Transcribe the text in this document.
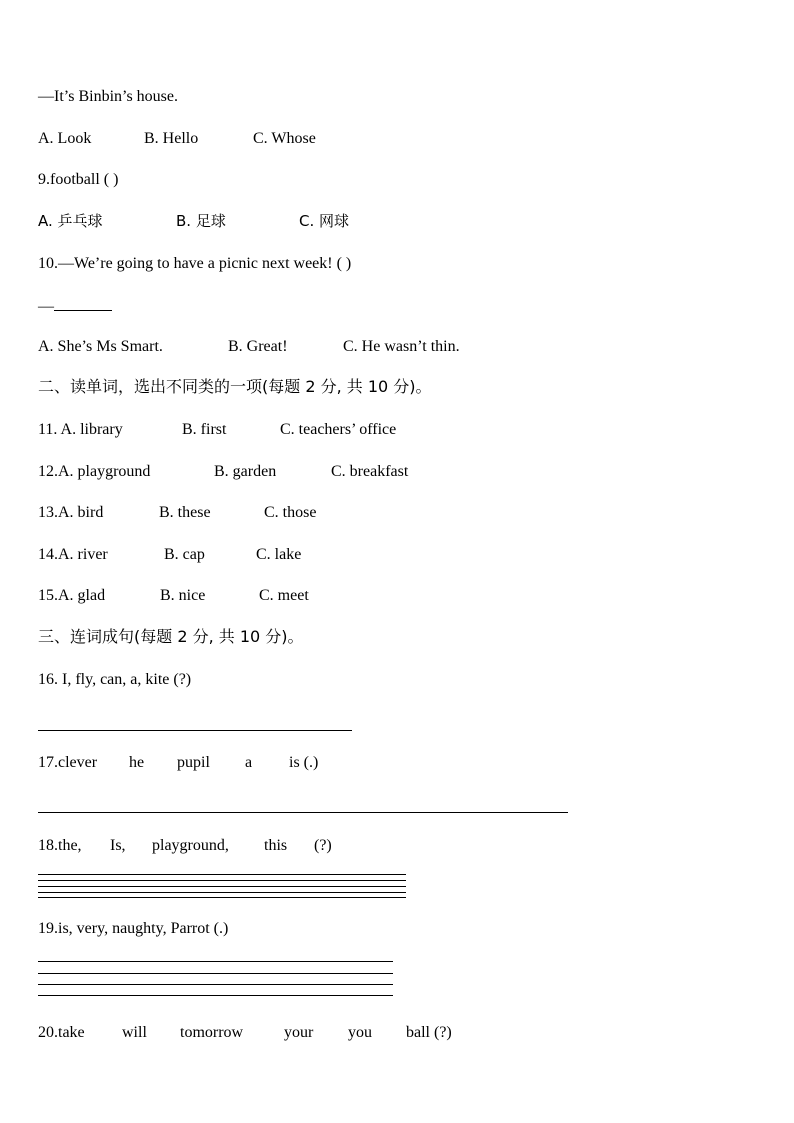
—It’s Binbin’s house.
A. Look	B. Hello	C. Whose
9.football ( )
A. 乒乓球	B. 足球	C. 网球
10.—We’re going to have a picnic next week! ( )
—
A. She’s Ms Smart.	B. Great!	C. He wasn’t thin.
二、读单词，选出不同类的一项(每题 2 分, 共 10 分)。
11. A. library	B. first	C. teachers’ office
12.A. playground	B. garden	C. breakfast
13.A. bird	B. these	C. those
14.A. river	B. cap	C. lake
15.A. glad	B. nice	C. meet
三、连词成句(每题 2 分, 共 10 分)。
16. I, fly, can, a, kite (?)
17.clever he pupil a is (.)
18.the, Is, playground, this (?)
19.is, very, naughty, Parrot (.)
20.take will tomorrow	your you ball (?)
